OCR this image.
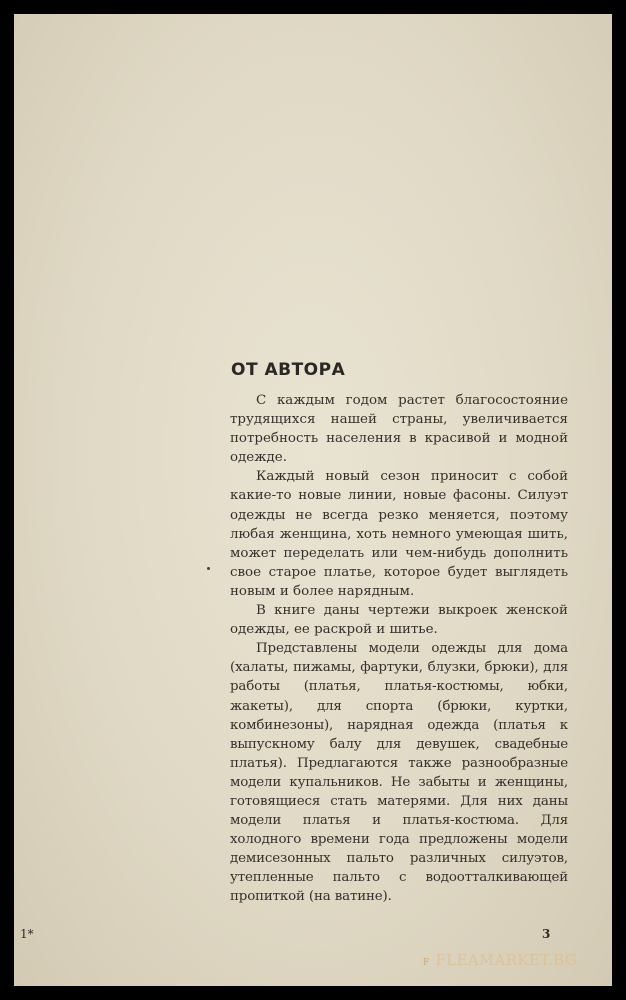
ОТ АВТОРА

С каждым годом растет благосостояние трудящихся нашей страны, увеличивается потребность населения в красивой и модной одежде.

Каждый новый сезон приносит с собой какие-то новые линии, новые фасоны. Силуэт одежды не всегда резко меняется, поэтому любая женщина, хоть немного умеющая шить, может переделать или чем-нибудь дополнить свое старое платье, которое будет выглядеть новым и более нарядным.

В книге даны чертежи выкроек женской одежды, ее раскрой и шитье.

Представлены модели одежды для дома (халаты, пижамы, фартуки, блузки, брюки), для работы (платья, платья-костюмы, юбки, жакеты), для спорта (брюки, куртки, комбинезоны), нарядная одежда (платья к выпускному балу для девушек, свадебные платья). Предлагаются также разнообразные модели купальников. Не забыты и женщины, готовящиеся стать матерями. Для них даны модели платья и платья-костюма. Для холодного времени года предложены модели демисезонных пальто различных силуэтов, утепленные пальто с водоотталкивающей пропиткой (на ватине).

1*	3
F FLEAMARKET.BG
